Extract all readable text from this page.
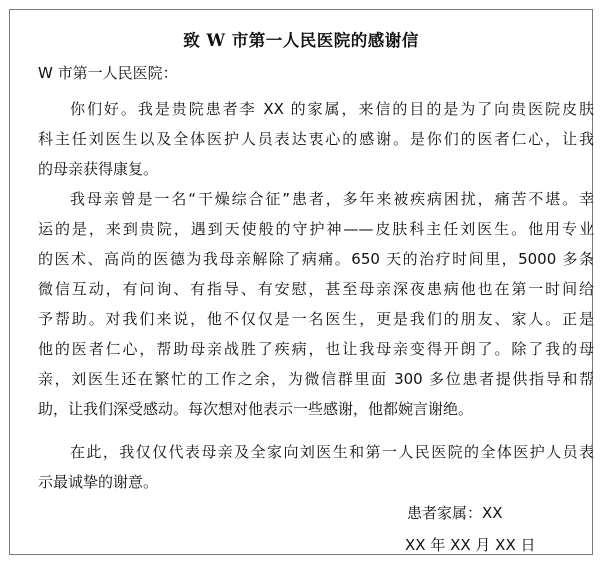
致 W 市第一人民医院的感谢信
W 市第一人民医院：
你们好。我是贵院患者李 XX 的家属，来信的目的是为了向贵医院皮肤
科主任刘医生以及全体医护人员表达衷心的感谢。是你们的医者仁心，让我
的母亲获得康复。
我母亲曾是一名“干燥综合征”患者，多年来被疾病困扰，痛苦不堪。幸
运的是，来到贵院，遇到天使般的守护神——皮肤科主任刘医生。他用专业
的医术、高尚的医德为我母亲解除了病痛。650 天的治疗时间里，5000 多条
微信互动，有问询、有指导、有安慰，甚至母亲深夜患病他也在第一时间给
予帮助。对我们来说，他不仅仅是一名医生，更是我们的朋友、家人。正是
他的医者仁心，帮助母亲战胜了疾病，也让我母亲变得开朗了。除了我的母
亲，刘医生还在繁忙的工作之余，为微信群里面 300 多位患者提供指导和帮
助，让我们深受感动。每次想对他表示一些感谢，他都婉言谢绝。
在此，我仅仅代表母亲及全家向刘医生和第一人民医院的全体医护人员表
示最诚挚的谢意。
患者家属：XX
XX 年 XX 月 XX 日
